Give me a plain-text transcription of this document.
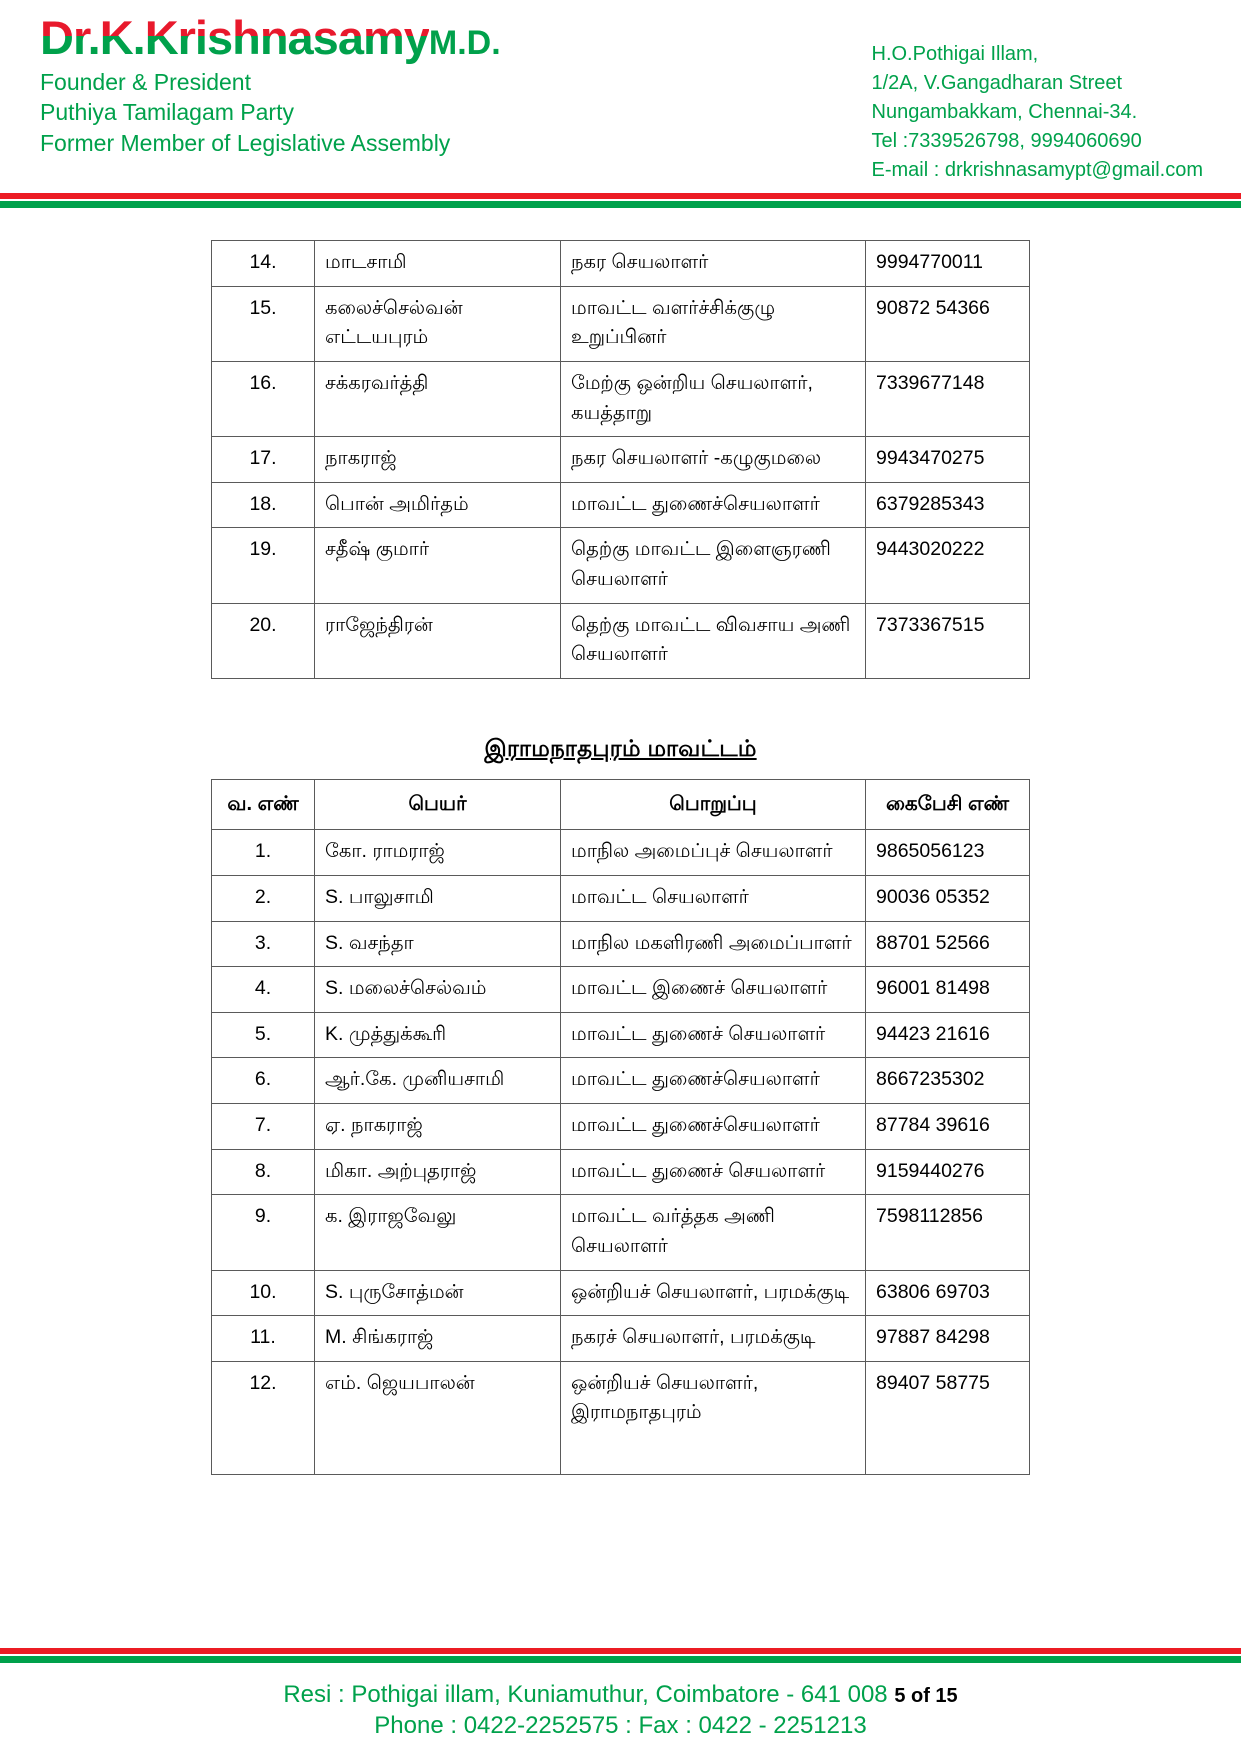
Dr.K.KrishnasamyM.D.
Founder & President
Puthiya Tamilagam Party
Former Member of Legislative Assembly
H.O.Pothigai Illam,
1/2A, V.Gangadharan Street
Nungambakkam, Chennai-34.
Tel :7339526798, 9994060690
E-mail : drkrishnasamypt@gmail.com
14.	மாடசாமி	நகர செயலாளர்	9994770011
15.	கலைச்செல்வன் எட்டயபுரம்	மாவட்ட வளர்ச்சிக்குழு உறுப்பினர்	90872 54366
16.	சக்கரவர்த்தி	மேற்கு ஒன்றிய செயலாளர், கயத்தாறு	7339677148
17.	நாகராஜ்	நகர செயலாளர் -கழுகுமலை	9943470275
18.	பொன் அமிர்தம்	மாவட்ட துணைச்செயலாளர்	6379285343
19.	சதீஷ் குமார்	தெற்கு மாவட்ட இளைஞரணி செயலாளர்	9443020222
20.	ராஜேந்திரன்	தெற்கு மாவட்ட விவசாய அணி செயலாளர்	7373367515
இராமநாதபுரம் மாவட்டம்
வ. எண்	பெயர்	பொறுப்பு	கைபேசி எண்
1.	கோ. ராமராஜ்	மாநில அமைப்புச் செயலாளர்	9865056123
2.	S. பாலுசாமி	மாவட்ட செயலாளர்	90036 05352
3.	S. வசந்தா	மாநில மகளிரணி அமைப்பாளர்	88701 52566
4.	S. மலைச்செல்வம்	மாவட்ட இணைச் செயலாளர்	96001 81498
5.	K. முத்துக்கூரி	மாவட்ட துணைச் செயலாளர்	94423 21616
6.	ஆர்.கே. முனியசாமி	மாவட்ட துணைச்செயலாளர்	8667235302
7.	ஏ. நாகராஜ்	மாவட்ட துணைச்செயலாளர்	87784 39616
8.	மிகா. அற்புதராஜ்	மாவட்ட துணைச் செயலாளர்	9159440276
9.	க. இராஜவேலு	மாவட்ட வர்த்தக அணி செயலாளர்	7598112856
10.	S. புருசோத்மன்	ஒன்றியச் செயலாளர், பரமக்குடி	63806 69703
11.	M. சிங்கராஜ்	நகரச் செயலாளர், பரமக்குடி	97887 84298
12.	எம். ஜெயபாலன்	ஒன்றியச் செயலாளர், இராமநாதபுரம்	89407 58775
Resi : Pothigai illam, Kuniamuthur, Coimbatore - 641 008 5 of 15
Phone : 0422-2252575 : Fax : 0422 - 2251213
